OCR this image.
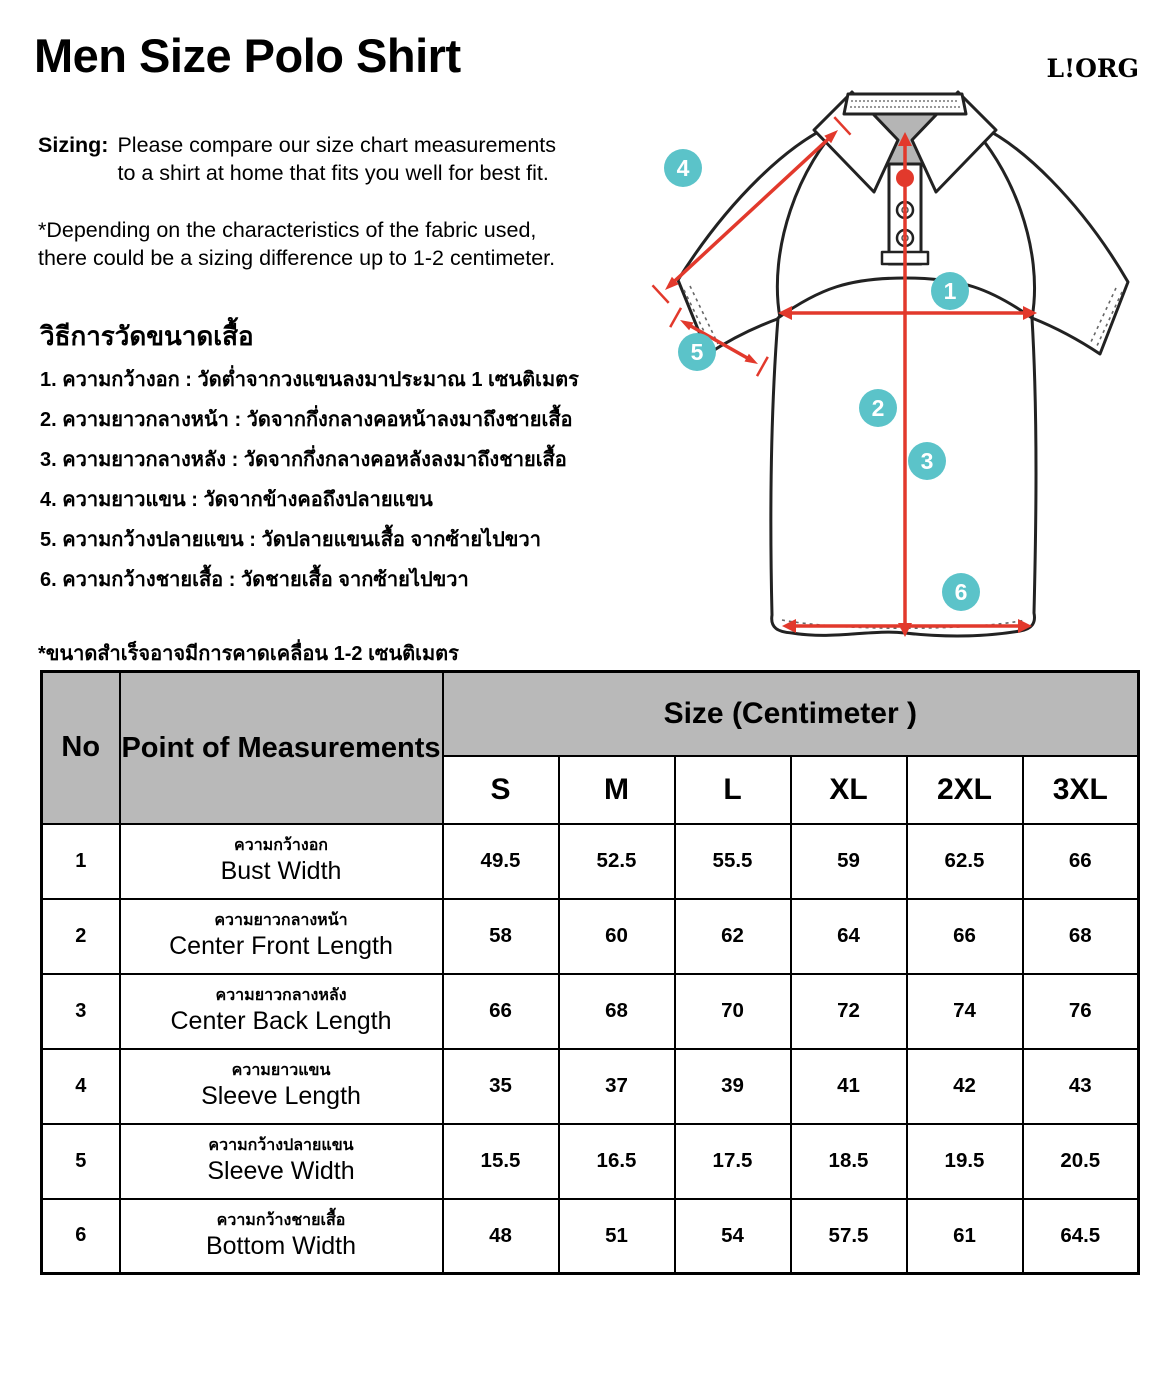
Men Size Polo Shirt	L!ORG
Sizing: Please compare our size chart measurements
to a shirt at home that fits you well for best fit.
*Depending on the characteristics of the fabric used,
there could be a sizing difference up to 1-2 centimeter.
วิธีการวัดขนาดเสื้อ
1. ความกว้างอก : วัดต่ำจากวงแขนลงมาประมาณ 1 เซนติเมตร
2. ความยาวกลางหน้า : วัดจากกึ่งกลางคอหน้าลงมาถึงชายเสื้อ
3. ความยาวกลางหลัง : วัดจากกึ่งกลางคอหลังลงมาถึงชายเสื้อ
4. ความยาวแขน : วัดจากข้างคอถึงปลายแขน
5. ความกว้างปลายแขน : วัดปลายแขนเสื้อ จากซ้ายไปขวา
6. ความกว้างชายเสื้อ : วัดชายเสื้อ จากซ้ายไปขวา
1
2
3
4
5
6
*ขนาดสำเร็จอาจมีการคาดเคลื่อน 1-2 เซนติเมตร
No	Point of Measurements	Size (Centimeter )					
		S	M	L	XL	2XL	3XL
1	ความกว้างอก
Bust Width	49.5	52.5	55.5	59	62.5	66
2	ความยาวกลางหน้า
Center Front Length	58	60	62	64	66	68
3	ความยาวกลางหลัง
Center Back Length	66	68	70	72	74	76
4	ความยาวแขน
Sleeve Length	35	37	39	41	42	43
5	ความกว้างปลายแขน
Sleeve Width	15.5	16.5	17.5	18.5	19.5	20.5
6	ความกว้างชายเสื้อ
Bottom Width	48	51	54	57.5	61	64.5
